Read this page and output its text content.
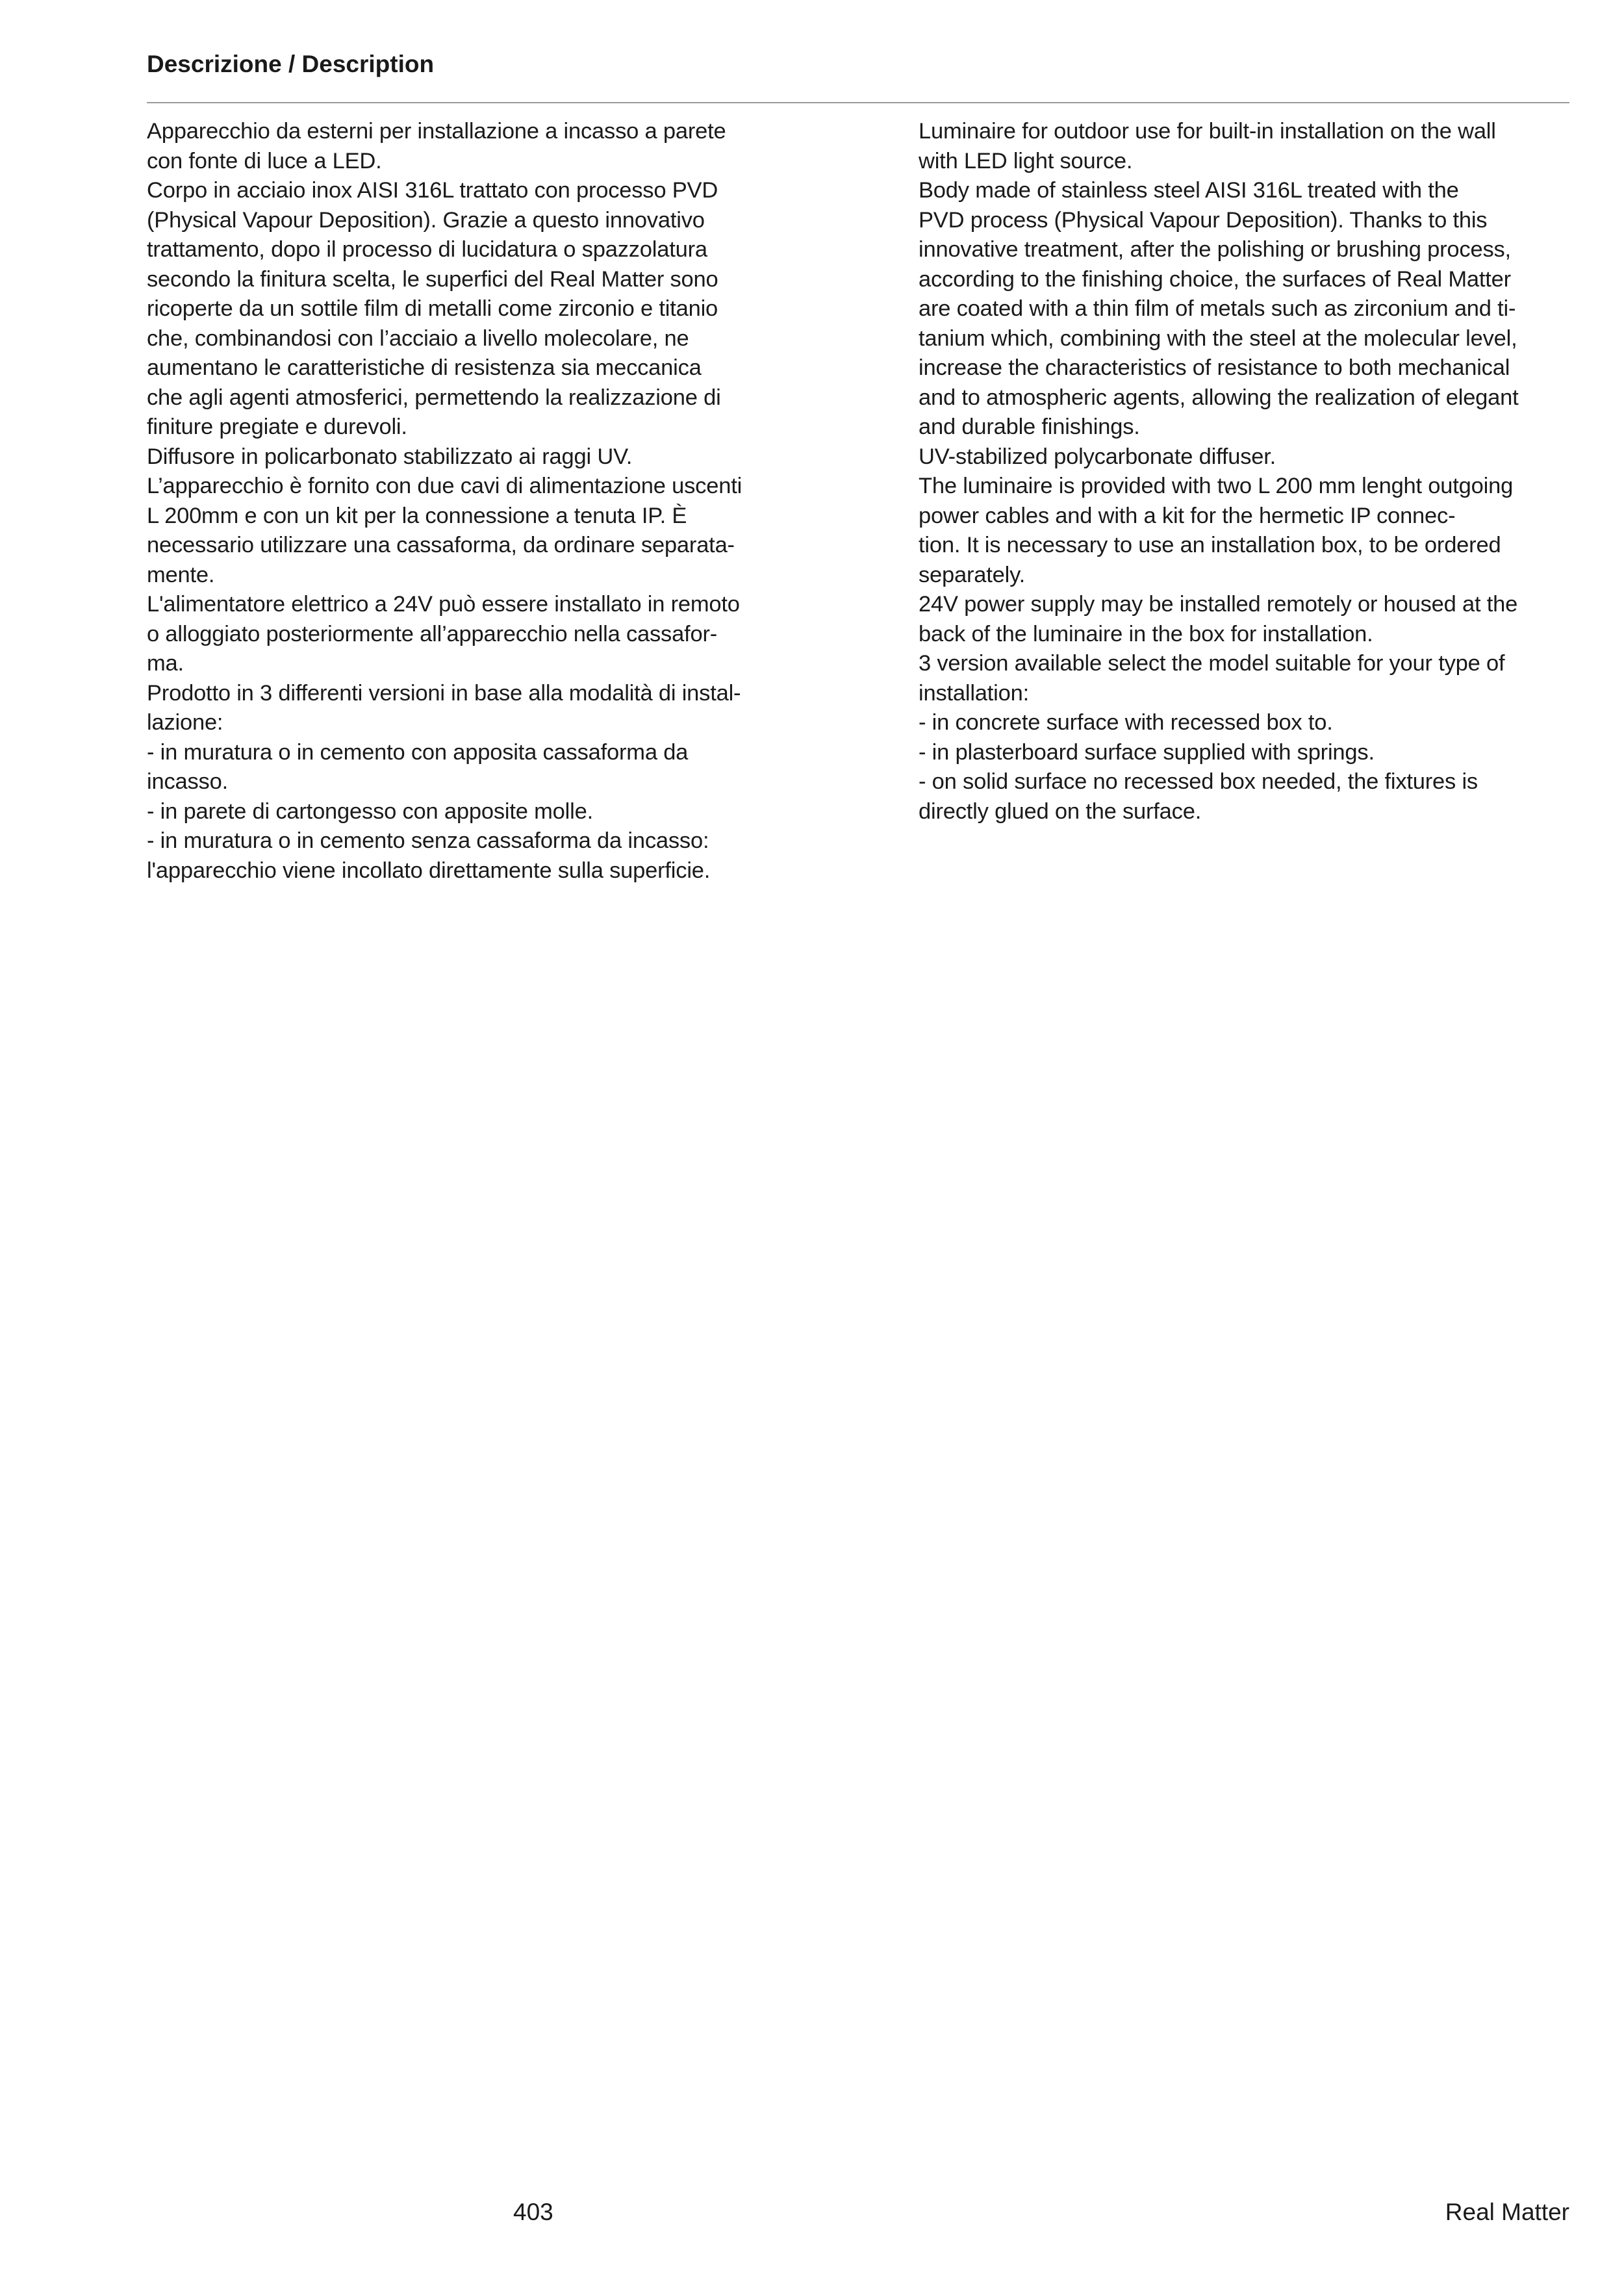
Descrizione / Description
Apparecchio da esterni per installazione a incasso a parete
con fonte di luce a LED.
Corpo in acciaio inox AISI 316L trattato con processo PVD
(Physical Vapour Deposition). Grazie a questo innovativo
trattamento, dopo il processo di lucidatura o spazzolatura
secondo la finitura scelta, le superfici del Real Matter sono
ricoperte da un sottile film di metalli come zirconio e titanio
che, combinandosi con l’acciaio a livello molecolare, ne
aumentano le caratteristiche di resistenza sia meccanica
che agli agenti atmosferici, permettendo la realizzazione di
finiture pregiate e durevoli.
Diffusore in policarbonato stabilizzato ai raggi UV.
L’apparecchio è fornito con due cavi di alimentazione uscenti
L 200mm e con un kit per la connessione a tenuta IP. È
necessario utilizzare una cassaforma, da ordinare separata-
mente.
L'alimentatore elettrico a 24V può essere installato in remoto
o alloggiato posteriormente all’apparecchio nella cassafor-
ma.
Prodotto in 3 differenti versioni in base alla modalità di instal-
lazione:
- in muratura o in cemento con apposita cassaforma da
incasso.
- in parete di cartongesso con apposite molle.
- in muratura o in cemento senza cassaforma da incasso:
l'apparecchio viene incollato direttamente sulla superficie.
Luminaire for outdoor use for built-in installation on the wall
with LED light source.
Body made of stainless steel AISI 316L treated with the
PVD process (Physical Vapour Deposition). Thanks to this
innovative treatment, after the polishing or brushing process,
according to the finishing choice, the surfaces of Real Matter
are coated with a thin film of metals such as zirconium and ti-
tanium which, combining with the steel at the molecular level,
increase the characteristics of resistance to both mechanical
and to atmospheric agents, allowing the realization of elegant
and durable finishings.
UV-stabilized polycarbonate diffuser.
The luminaire is provided with two L 200 mm lenght outgoing
power cables and with a kit for the hermetic IP connec-
tion. It is necessary to use an installation box, to be ordered
separately.
24V power supply may be installed remotely or housed at the
back of the luminaire in the box for installation.
3 version available select the model suitable for your type of
installation:
- in concrete surface with recessed box to.
- in plasterboard surface supplied with springs.
- on solid surface no recessed box needed, the fixtures is
directly glued on the surface.
403	Real Matter
